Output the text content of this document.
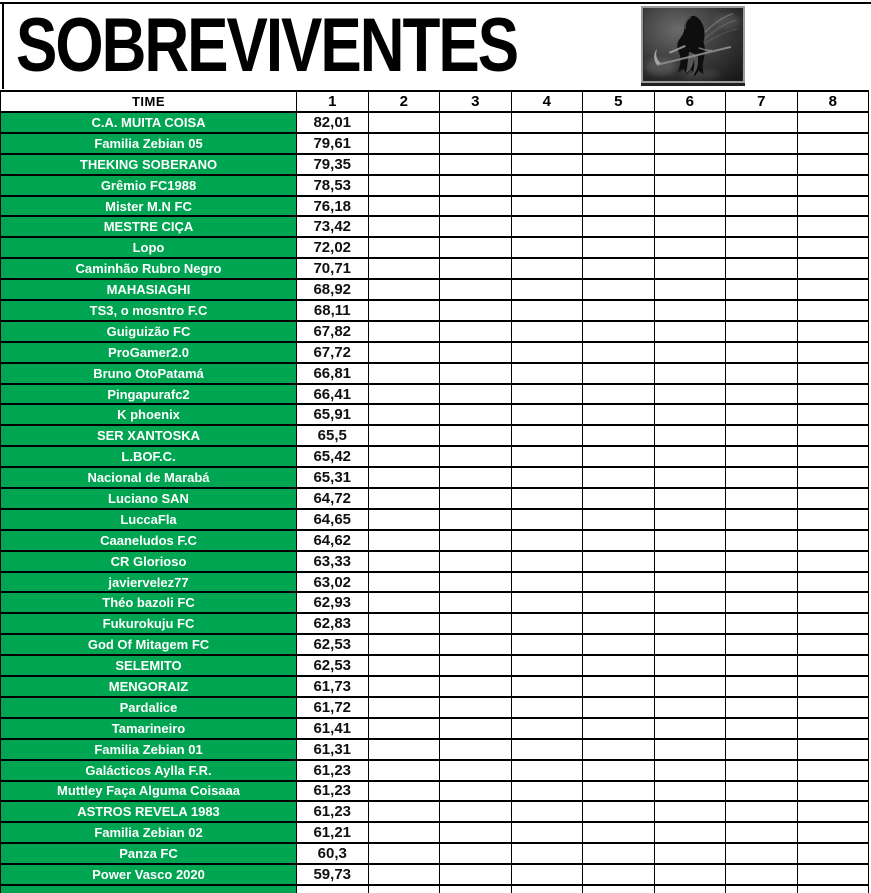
SOBREVIVENTES
TIME	1	2	3	4	5	6	7	8
C.A. MUITA COISA	82,01							
Familia Zebian 05	79,61							
THEKING SOBERANO	79,35							
Grêmio FC1988	78,53							
Mister M.N FC	76,18							
MESTRE CIÇA	73,42							
Lopo	72,02							
Caminhão Rubro Negro	70,71							
MAHASIAGHI	68,92							
TS3, o mosntro F.C	68,11							
Guiguizão FC	67,82							
ProGamer2.0	67,72							
Bruno OtoPatamá	66,81							
Pingapurafc2	66,41							
K phoenix	65,91							
SER XANTOSKA	65,5							
L.BOF.C.	65,42							
Nacional de Marabá	65,31							
Luciano SAN	64,72							
LuccaFla	64,65							
Caaneludos F.C	64,62							
CR Glorioso	63,33							
javiervelez77	63,02							
Théo bazoli FC	62,93							
Fukurokuju FC	62,83							
God Of Mitagem FC	62,53							
SELEMITO	62,53							
MENGORAIZ	61,73							
Pardalice	61,72							
Tamarineiro	61,41							
Familia Zebian 01	61,31							
Galácticos Aylla F.R.	61,23							
Muttley Faça Alguma Coisaaa	61,23							
ASTROS REVELA 1983	61,23							
Familia Zebian 02	61,21							
Panza FC	60,3							
Power Vasco 2020	59,73							
